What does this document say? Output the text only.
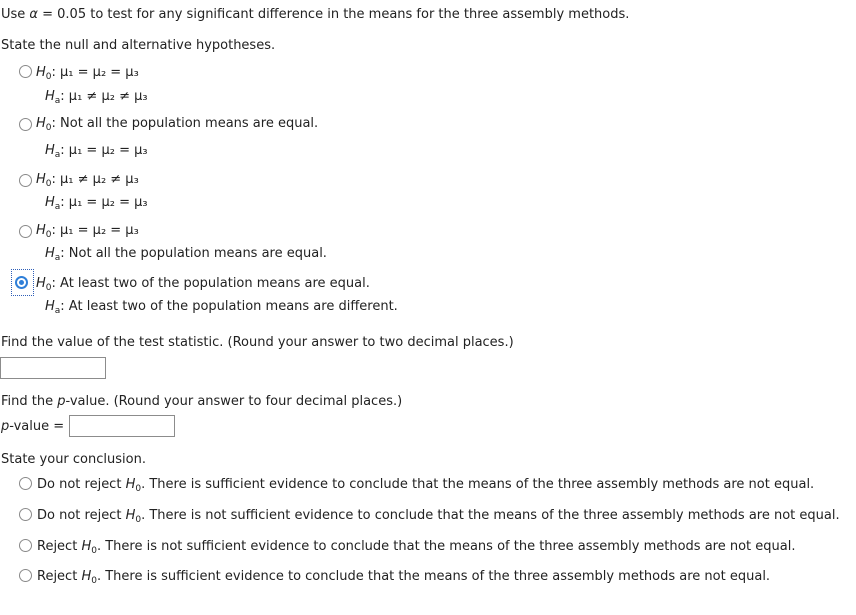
Use α = 0.05 to test for any significant difference in the means for the three assembly methods.
State the null and alternative hypotheses.
$H_0$: μ₁ = μ₂ = μ₃
$H_a$: μ₁ ≠ μ₂ ≠ μ₃
$H_0$: Not all the population means are equal.
$H_a$: μ₁ = μ₂ = μ₃
$H_0$: μ₁ ≠ μ₂ ≠ μ₃
$H_a$: μ₁ = μ₂ = μ₃
$H_0$: μ₁ = μ₂ = μ₃
$H_a$: Not all the population means are equal.
$H_0$: At least two of the population means are equal.
$H_a$: At least two of the population means are different.
Find the value of the test statistic. (Round your answer to two decimal places.)
Find the p-value. (Round your answer to four decimal places.)
p-value =
State your conclusion.
Do not reject $H_0$. There is sufficient evidence to conclude that the means of the three assembly methods are not equal.
Do not reject $H_0$. There is not sufficient evidence to conclude that the means of the three assembly methods are not equal.
Reject $H_0$. There is not sufficient evidence to conclude that the means of the three assembly methods are not equal.
Reject $H_0$. There is sufficient evidence to conclude that the means of the three assembly methods are not equal.
